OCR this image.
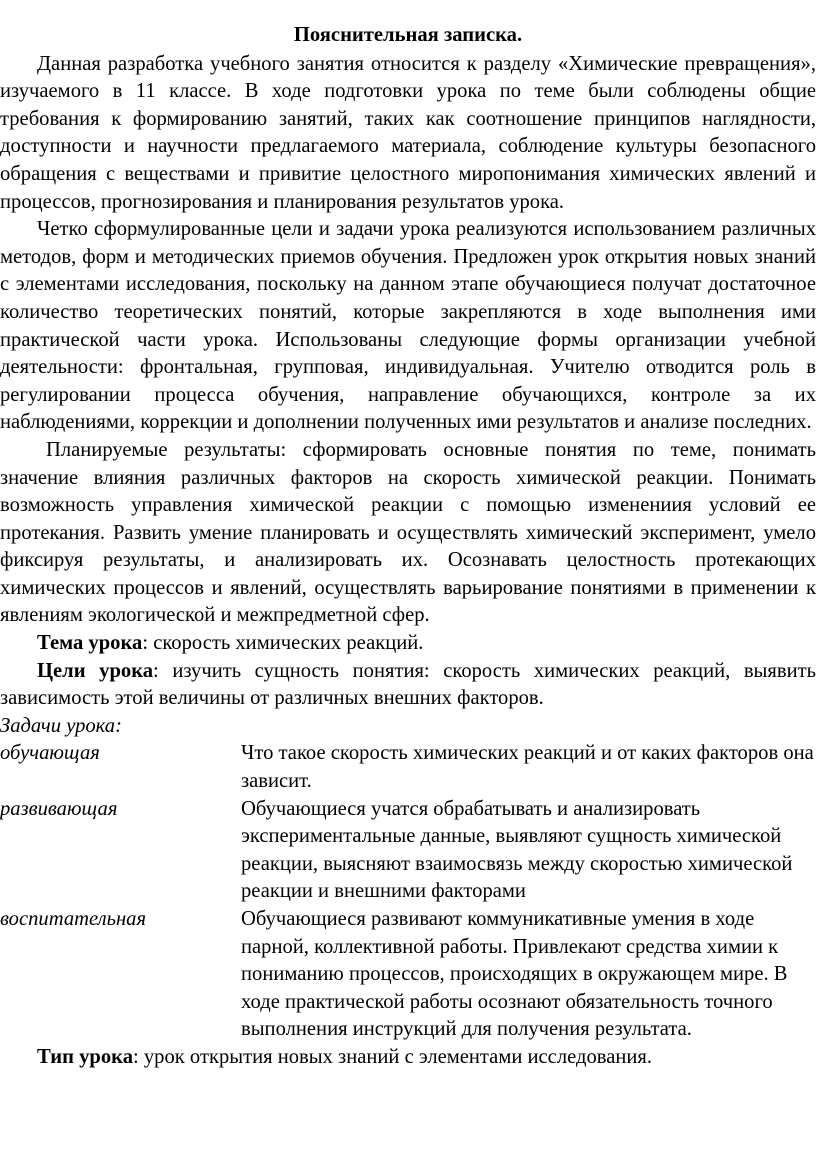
Пояснительная записка.

Данная разработка учебного занятия относится к разделу «Химические превращения», изучаемого в 11 классе. В ходе подготовки урока по теме были соблюдены общие требования к формированию занятий, таких как соотношение принципов наглядности, доступности и научности предлагаемого материала, соблюдение культуры безопасного обращения с веществами и привитие целостного миропонимания химических явлений и процессов, прогнозирования и планирования результатов урока.

Четко сформулированные цели и задачи урока реализуются использованием различных методов, форм и методических приемов обучения. Предложен урок открытия новых знаний с элементами исследования, поскольку на данном этапе обучающиеся получат достаточное количество теоретических понятий, которые закрепляются в ходе выполнения ими практической части урока. Использованы следующие формы организации учебной деятельности: фронтальная, групповая, индивидуальная. Учителю отводится роль в регулировании процесса обучения, направление обучающихся, контроле за их наблюдениями, коррекции и дополнении полученных ими результатов и анализе последних.

Планируемые результаты: сформировать основные понятия по теме, понимать значение влияния различных факторов на скорость химической реакции. Понимать возможность управления химической реакции с помощью изменениия условий ее протекания. Развить умение планировать и осуществлять химический эксперимент, умело фиксируя результаты, и анализировать их. Осознавать целостность протекающих химических процессов и явлений, осуществлять варьирование понятиями в применении к явлениям экологической и межпредметной сфер.

Тема урока: скорость химических реакций.

Цели урока: изучить сущность понятия: скорость химических реакций, выявить зависимость этой величины от различных внешних факторов.

Задачи урока:

обучающая	Что такое скорость химических реакций и от каких факторов она зависит.
развивающая	Обучающиеся учатся обрабатывать и анализировать экспериментальные данные, выявляют сущность химической реакции, выясняют взаимосвязь между скоростью химической реакции и внешними факторами
воспитательная	Обучающиеся развивают коммуникативные умения в ходе парной, коллективной работы. Привлекают средства химии к пониманию процессов, происходящих в окружающем мире. В ходе практической работы осознают обязательность точного выполнения инструкций для получения результата.

Тип урока: урок открытия новых знаний с элементами исследования.
